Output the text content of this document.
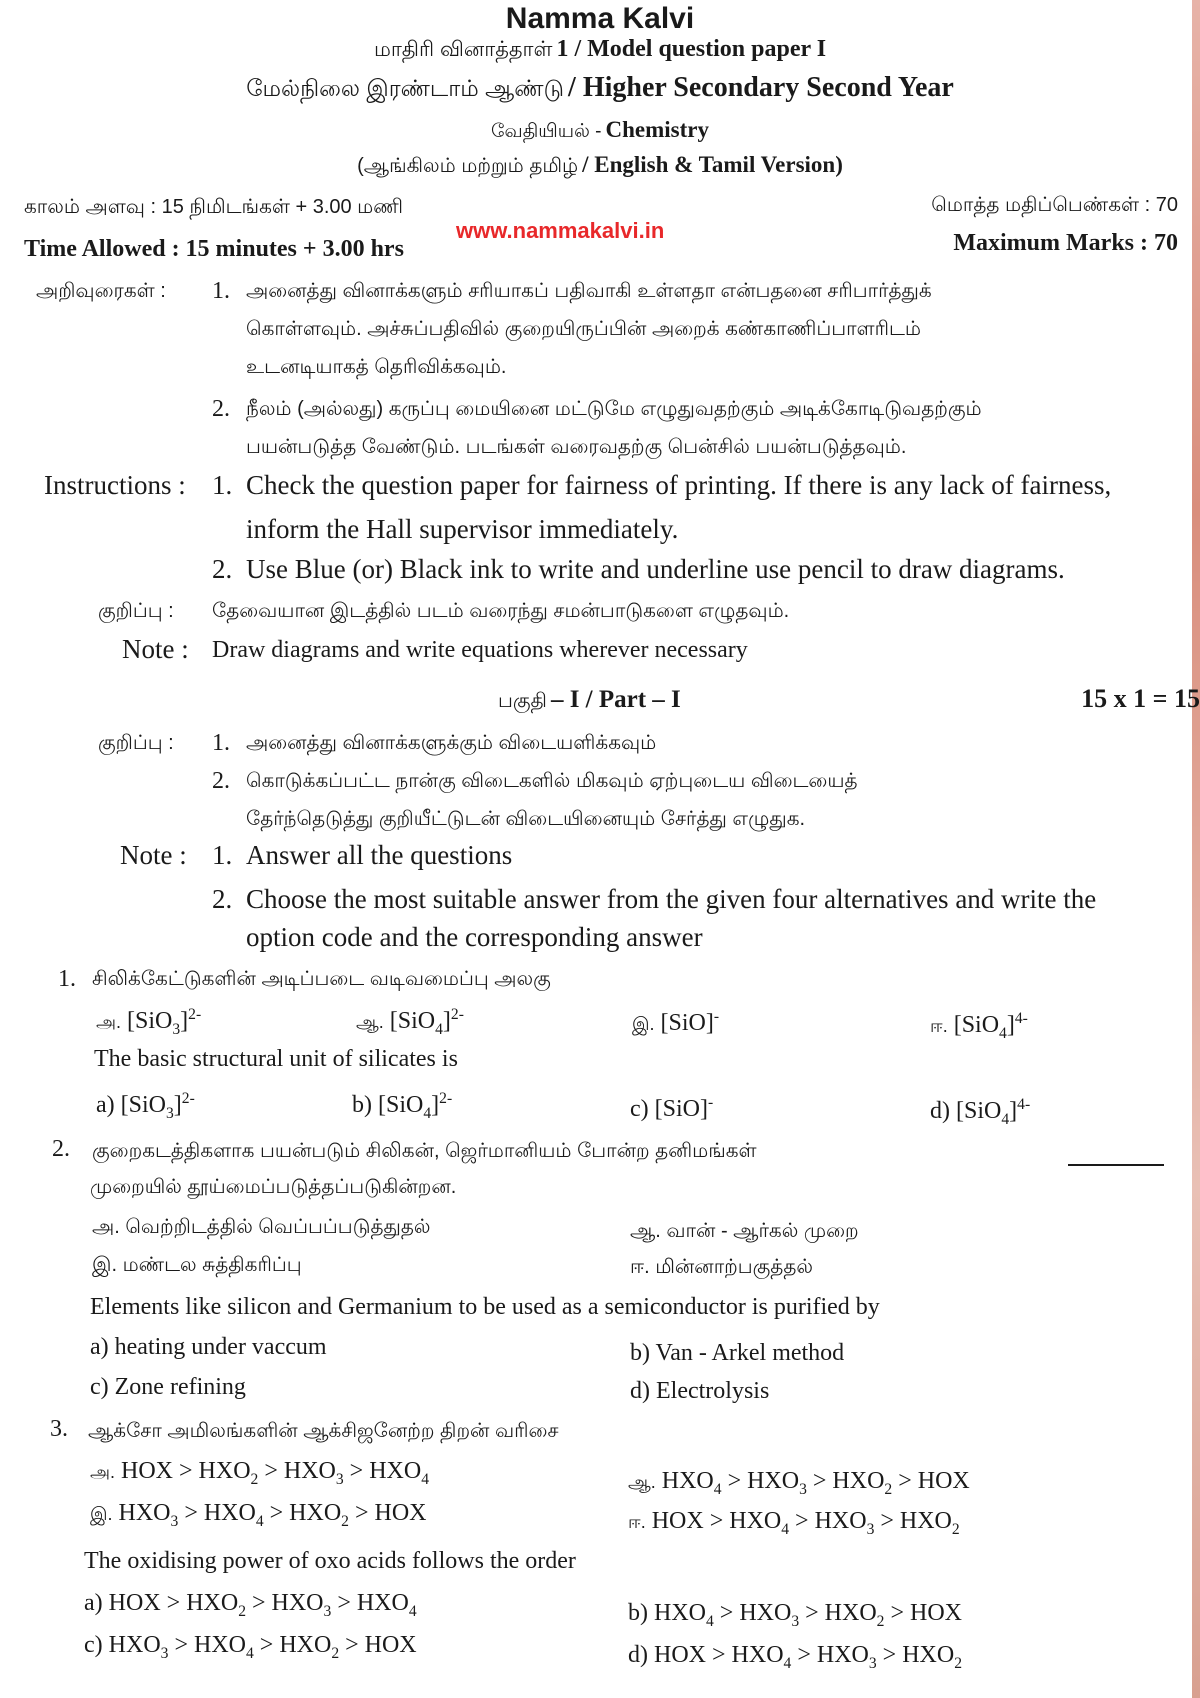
Namma Kalvi
மாதிரி வினாத்தாள் 1 / Model question paper I
மேல்நிலை இரண்டாம் ஆண்டு / Higher Secondary Second Year
வேதியியல் - Chemistry
(ஆங்கிலம் மற்றும் தமிழ் / English & Tamil Version)
காலம் அளவு : 15 நிமிடங்கள் + 3.00 மணி	மொத்த மதிப்பெண்கள் : 70
www.nammakalvi.in
Time Allowed : 15 minutes + 3.00 hrs	Maximum Marks : 70
அறிவுரைகள் : 1. அனைத்து வினாக்களும் சரியாகப் பதிவாகி உள்ளதா என்பதனை சரிபார்த்துக்
கொள்ளவும். அச்சுப்பதிவில் குறையிருப்பின் அறைக் கண்காணிப்பாளரிடம்
உடனடியாகத் தெரிவிக்கவும்.
2. நீலம் (அல்லது) கருப்பு மையினை மட்டுமே எழுதுவதற்கும் அடிக்கோடிடுவதற்கும்
பயன்படுத்த வேண்டும். படங்கள் வரைவதற்கு பென்சில் பயன்படுத்தவும்.
Instructions : 1. Check the question paper for fairness of printing. If there is any lack of fairness,
inform the Hall supervisor immediately.
2. Use Blue (or) Black ink to write and underline use pencil to draw diagrams.
குறிப்பு : தேவையான இடத்தில் படம் வரைந்து சமன்பாடுகளை எழுதவும்.
Note : Draw diagrams and write equations wherever necessary
பகுதி – I / Part – I	15 x 1 = 15
குறிப்பு : 1. அனைத்து வினாக்களுக்கும் விடையளிக்கவும்
2. கொடுக்கப்பட்ட நான்கு விடைகளில் மிகவும் ஏற்புடைய விடையைத்
தேர்ந்தெடுத்து குறியீட்டுடன் விடையினையும் சேர்த்து எழுதுக.
Note : 1. Answer all the questions
2. Choose the most suitable answer from the given four alternatives and write the
option code and the corresponding answer
1. சிலிக்கேட்டுகளின் அடிப்படை வடிவமைப்பு அலகு
அ. $[SiO_3]^{2-}$	ஆ. $[SiO_4]^{2-}$	இ. [SiO]-	ஈ. $[SiO_4]^{4-}$
The basic structural unit of silicates is
a) $[SiO_3]^{2-}$	b) $[SiO_4]^{2-}$	c) [SiO]-	d) $[SiO_4]^{4-}$
2. குறைகடத்திகளாக பயன்படும் சிலிகன், ஜெர்மானியம் போன்ற தனிமங்கள்
முறையில் தூய்மைப்படுத்தப்படுகின்றன.
அ. வெற்றிடத்தில் வெப்பப்படுத்துதல்	ஆ. வான் - ஆர்கல் முறை
இ. மண்டல சுத்திகரிப்பு	ஈ. மின்னாற்பகுத்தல்
Elements like silicon and Germanium to be used as a semiconductor is purified by
a) heating under vaccum	b) Van - Arkel method
c) Zone refining	d) Electrolysis
3. ஆக்சோ அமிலங்களின் ஆக்சிஜனேற்ற திறன் வரிசை
அ. HOX > $HXO_2 > HXO_3 > HXO_4$	ஆ. $HXO_4 > HXO_3 > HXO_2$ > HOX
இ. $HXO_3 > HXO_4 > HXO_2$ > HOX	ஈ. HOX > $HXO_4 > HXO_3 > HXO_2$
The oxidising power of oxo acids follows the order
a) HOX > $HXO_2 > HXO_3 > HXO_4$	b) $HXO_4 > HXO_3 > HXO_2$ > HOX
c) $HXO_3 > HXO_4 > HXO_2$ > HOX	d) HOX > $HXO_4 > HXO_3 > HXO_2$
